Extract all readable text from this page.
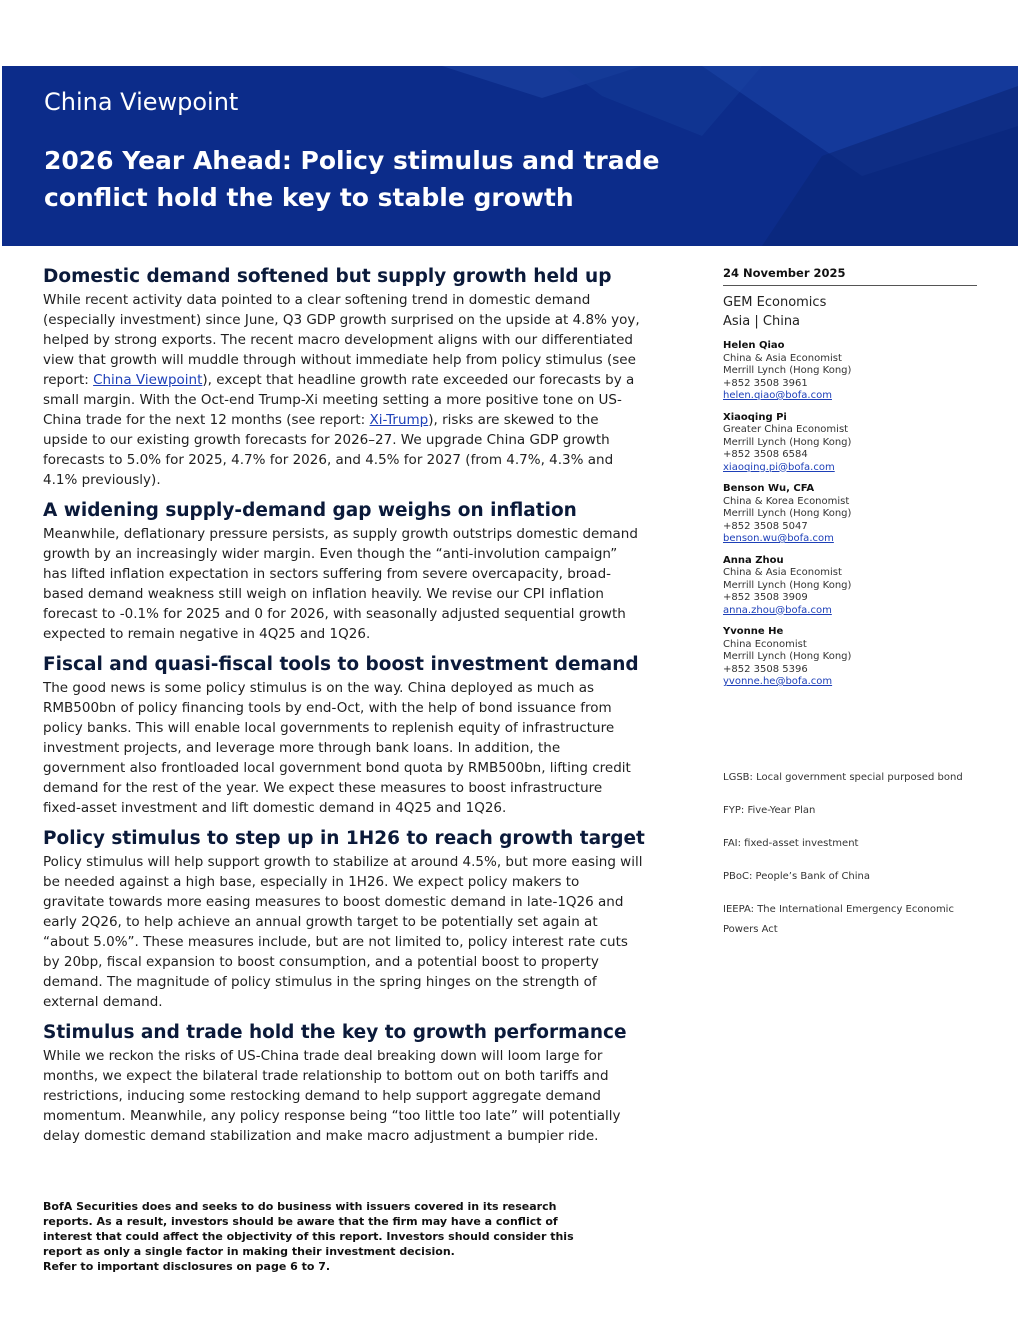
China Viewpoint
2026 Year Ahead: Policy stimulus and trade conflict hold the key to stable growth
Domestic demand softened but supply growth held up
While recent activity data pointed to a clear softening trend in domestic demand (especially investment) since June, Q3 GDP growth surprised on the upside at 4.8% yoy, helped by strong exports. The recent macro development aligns with our differentiated view that growth will muddle through without immediate help from policy stimulus (see report: China Viewpoint), except that headline growth rate exceeded our forecasts by a small margin. With the Oct-end Trump-Xi meeting setting a more positive tone on US-China trade for the next 12 months (see report: Xi-Trump), risks are skewed to the upside to our existing growth forecasts for 2026–27. We upgrade China GDP growth forecasts to 5.0% for 2025, 4.7% for 2026, and 4.5% for 2027 (from 4.7%, 4.3% and 4.1% previously).
A widening supply-demand gap weighs on inflation
Meanwhile, deflationary pressure persists, as supply growth outstrips domestic demand growth by an increasingly wider margin. Even though the “anti-involution campaign” has lifted inflation expectation in sectors suffering from severe overcapacity, broad-based demand weakness still weigh on inflation heavily. We revise our CPI inflation forecast to -0.1% for 2025 and 0 for 2026, with seasonally adjusted sequential growth expected to remain negative in 4Q25 and 1Q26.
Fiscal and quasi-fiscal tools to boost investment demand
The good news is some policy stimulus is on the way. China deployed as much as RMB500bn of policy financing tools by end-Oct, with the help of bond issuance from policy banks. This will enable local governments to replenish equity of infrastructure investment projects, and leverage more through bank loans. In addition, the government also frontloaded local government bond quota by RMB500bn, lifting credit demand for the rest of the year. We expect these measures to boost infrastructure fixed-asset investment and lift domestic demand in 4Q25 and 1Q26.
Policy stimulus to step up in 1H26 to reach growth target
Policy stimulus will help support growth to stabilize at around 4.5%, but more easing will be needed against a high base, especially in 1H26. We expect policy makers to gravitate towards more easing measures to boost domestic demand in late-1Q26 and early 2Q26, to help achieve an annual growth target to be potentially set again at “about 5.0%”. These measures include, but are not limited to, policy interest rate cuts by 20bp, fiscal expansion to boost consumption, and a potential boost to property demand. The magnitude of policy stimulus in the spring hinges on the strength of external demand.
Stimulus and trade hold the key to growth performance
While we reckon the risks of US-China trade deal breaking down will loom large for months, we expect the bilateral trade relationship to bottom out on both tariffs and restrictions, inducing some restocking demand to help support aggregate demand momentum. Meanwhile, any policy response being “too little too late” will potentially delay domestic demand stabilization and make macro adjustment a bumpier ride.
24 November 2025
GEM Economics
Asia | China
Helen Qiao
China & Asia Economist
Merrill Lynch (Hong Kong)
+852 3508 3961
helen.qiao@bofa.com
Xiaoqing Pi
Greater China Economist
Merrill Lynch (Hong Kong)
+852 3508 6584
xiaoqing.pi@bofa.com
Benson Wu, CFA
China & Korea Economist
Merrill Lynch (Hong Kong)
+852 3508 5047
benson.wu@bofa.com
Anna Zhou
China & Asia Economist
Merrill Lynch (Hong Kong)
+852 3508 3909
anna.zhou@bofa.com
Yvonne He
China Economist
Merrill Lynch (Hong Kong)
+852 3508 5396
yvonne.he@bofa.com
LGSB: Local government special purposed bond
FYP: Five-Year Plan
FAI: fixed-asset investment
PBoC: People’s Bank of China
IEEPA: The International Emergency Economic Powers Act
BofA Securities does and seeks to do business with issuers covered in its research reports. As a result, investors should be aware that the firm may have a conflict of interest that could affect the objectivity of this report. Investors should consider this report as only a single factor in making their investment decision.
Refer to important disclosures on page 6 to 7.
